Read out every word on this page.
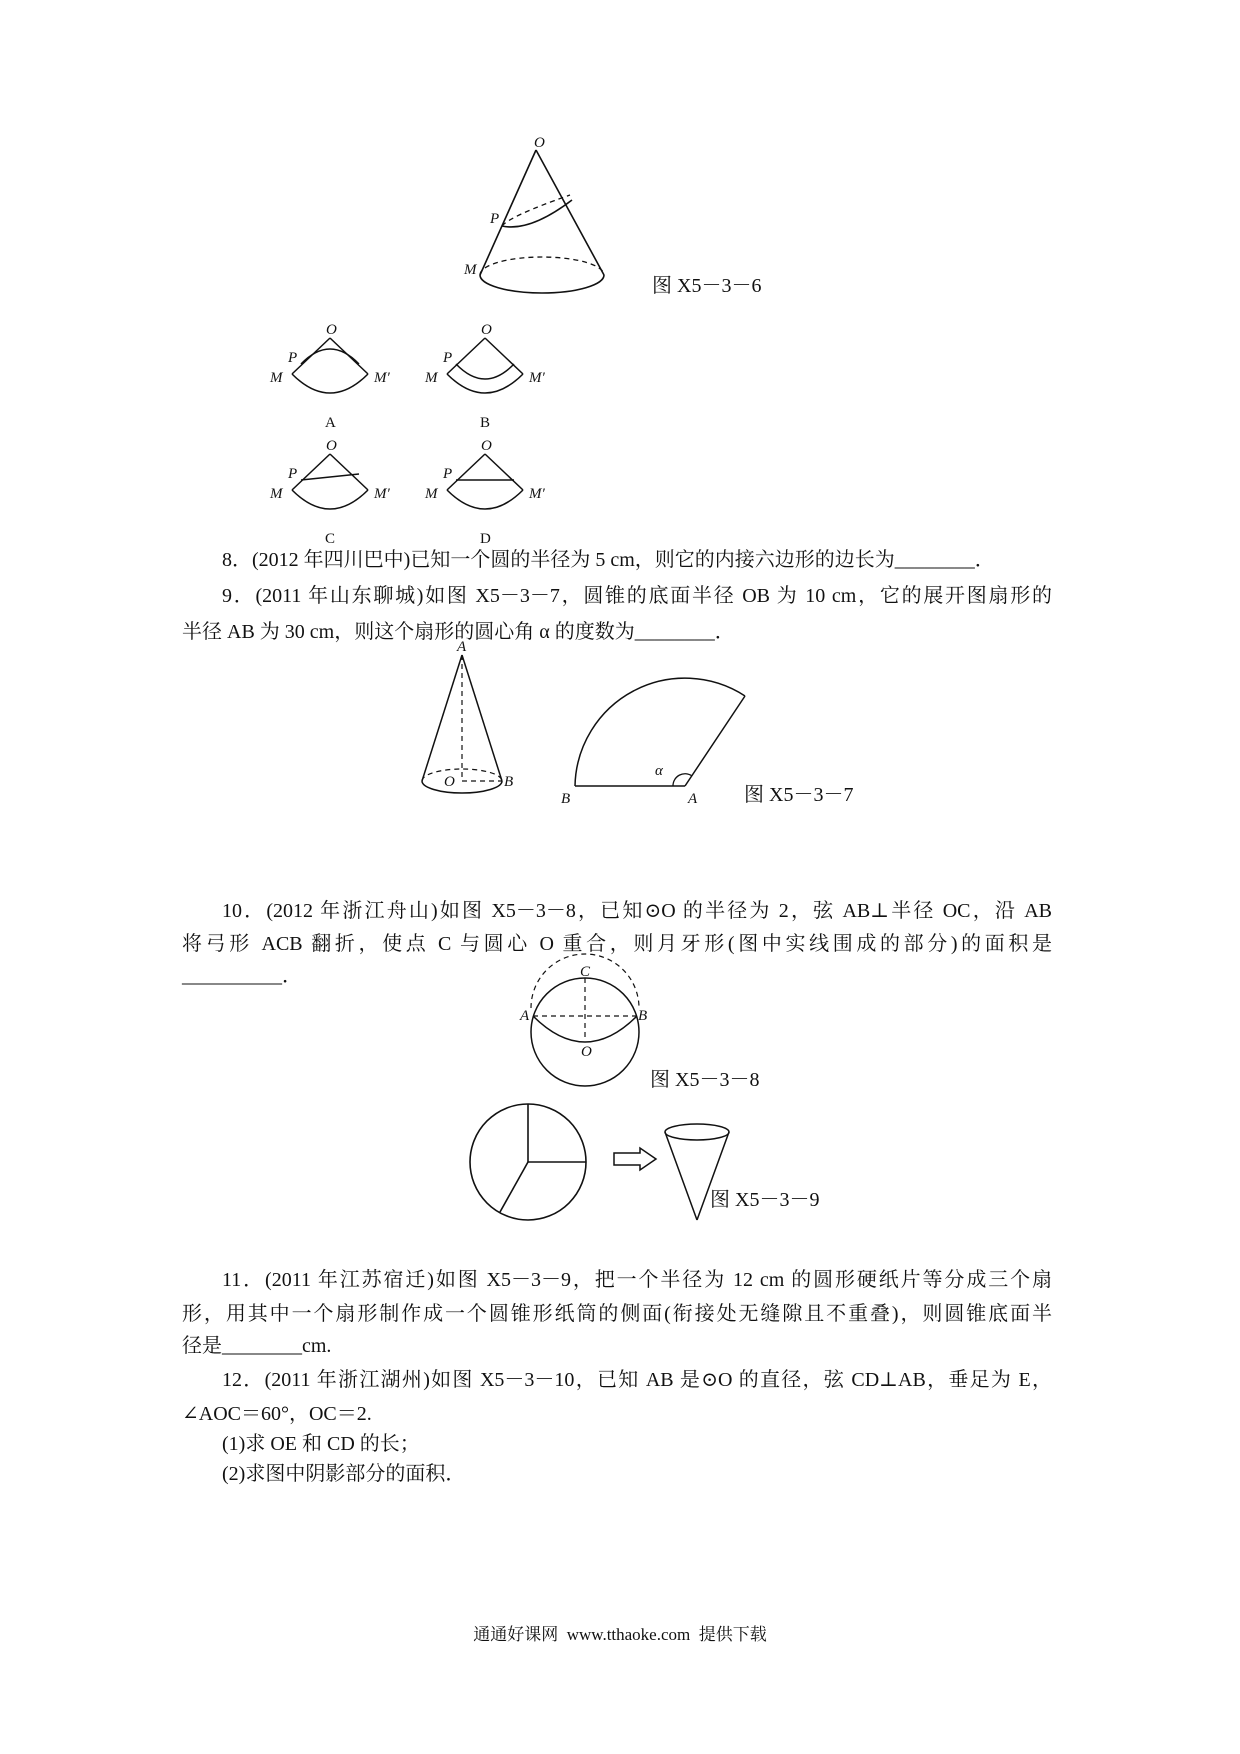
O
P
M
图 X5－3－6
O
P
M	M′
A
O
P
M	M′
B
O
P
M	M′
C
O
P
M	M′
D
8．(2012 年四川巴中)已知一个圆的半径为 5 cm，则它的内接六边形的边长为________．
9．(2011 年山东聊城)如图 X5－3－7，圆锥的底面半径 OB 为 10 cm，它的展开图扇形的
半径 AB 为 30 cm，则这个扇形的圆心角 α 的度数为________．
A
O	B
α
B	A 图 X5－3－7
10．(2012 年浙江舟山)如图 X5－3－8，已知⊙O 的半径为 2，弦 AB⊥半径 OC，沿 AB
将弓形 ACB 翻折，使点 C 与圆心 O 重合，则月牙形(图中实线围成的部分)的面积是
__________．	C
A	B
O
图 X5－3－8
图 X5－3－9
11．(2011 年江苏宿迁)如图 X5－3－9，把一个半径为 12 cm 的圆形硬纸片等分成三个扇
形，用其中一个扇形制作成一个圆锥形纸筒的侧面(衔接处无缝隙且不重叠)，则圆锥底面半
径是________cm.
12．(2011 年浙江湖州)如图 X5－3－10，已知 AB 是⊙O 的直径，弦 CD⊥AB，垂足为 E，
∠AOC＝60°，OC＝2.
(1)求 OE 和 CD 的长；
(2)求图中阴影部分的面积．
通通好课网  www.tthaoke.com  提供下载
